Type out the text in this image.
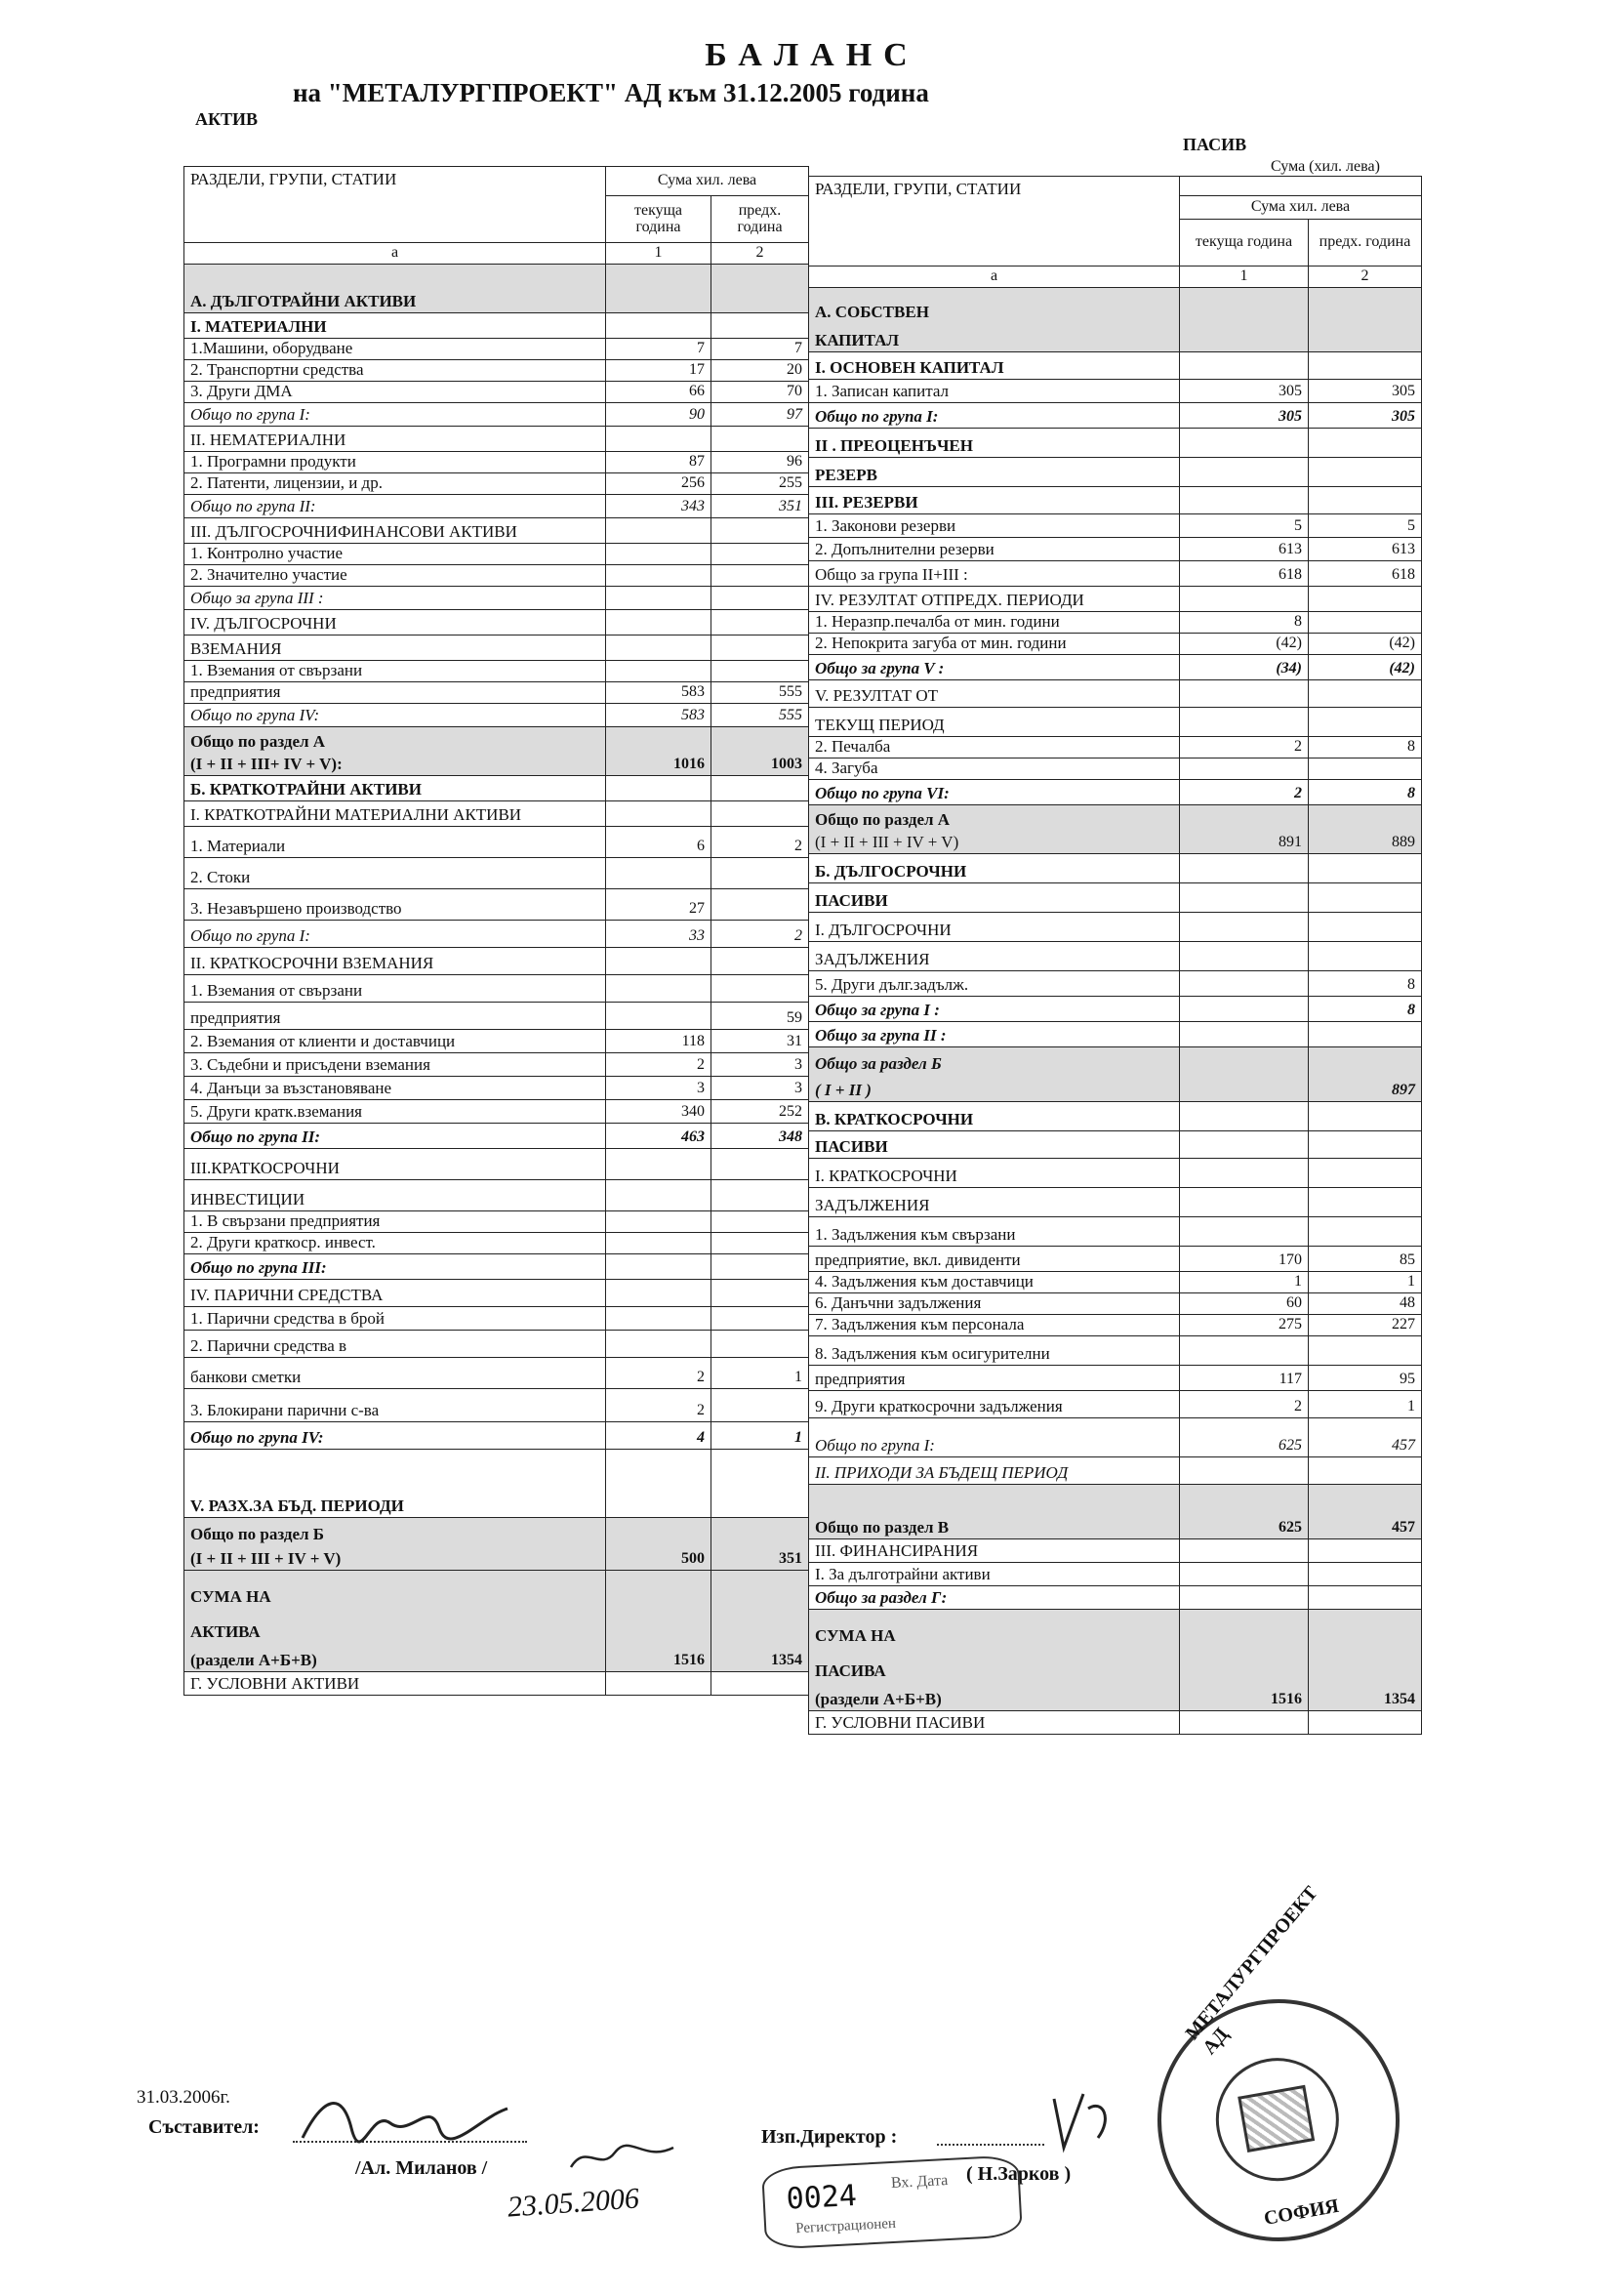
БАЛАНС
на "МЕТАЛУРГПРОЕКТ" АД към 31.12.2005 година
АКТИВ
ПАСИВ
Сума (хил. лева)
РАЗДЕЛИ, ГРУПИ, СТАТИИ	Сума хил. лева	
	текуща година	предх. година

а	1	2
А. ДЪЛГОТРАЙНИ АКТИВИ		
I. МАТЕРИАЛНИ		
1.Машини, оборудване	7	7
2. Транспортни средства	17	20
3. Други ДМА	66	70
Общо по група I:	90	97
II. НЕМАТЕРИАЛНИ		
1. Програмни продукти	87	96
2. Патенти, лицензии, и др.	256	255
Общо по група II:	343	351
III. ДЪЛГОСРОЧНИФИНАНСОВИ АКТИВИ		
1. Контролно участие		
2. Значително участие		
Общо за група III :		
IV. ДЪЛГОСРОЧНИ		
ВЗЕМАНИЯ		
1. Вземания от свързани		
предприятия	583	555
Общо по група IV:	583	555
Общо по раздел А		
(I + II + III+ IV + V):	1016	1003
Б. КРАТКОТРАЙНИ АКТИВИ		
I. КРАТКОТРАЙНИ МАТЕРИАЛНИ АКТИВИ		
1. Материали	6	2
2. Стоки		
3. Незавършено производство	27	
Общо по група I:	33	2
II. КРАТКОСРОЧНИ ВЗЕМАНИЯ		
1. Вземания от свързани		
предприятия		59
2. Вземания от клиенти и доставчици	118	31
3. Съдебни и присъдени вземания	2	3
4. Данъци за възстановяване	3	3
5. Други кратк.вземания	340	252
Общо по група II:	463	348
III.КРАТКОСРОЧНИ		
ИНВЕСТИЦИИ		
1. В свързани предприятия		
2. Други краткоср. инвест.		
Общо по група III:		
IV. ПАРИЧНИ СРЕДСТВА		
1. Парични средства в брой		
2. Парични средства в		
банкови сметки	2	1
3. Блокирани парични с-ва	2	
Общо по група IV:	4	1
V. РАЗХ.ЗА БЪД. ПЕРИОДИ		
Общо по раздел Б		
(I + II + III + IV + V)	500	351
СУМА НА		
АКТИВА		
(раздели А+Б+В)	1516	1354
Г. УСЛОВНИ АКТИВИ		
РАЗДЕЛИ, ГРУПИ, СТАТИИ		
	Сума хил. лева	
	текуща година	предх. година

а	1	2
А. СОБСТВЕН		
КАПИТАЛ		
I. ОСНОВЕН КАПИТАЛ		
1. Записан капитал	305	305
Общо по група I:	305	305
II . ПРЕОЦЕНЪЧЕН		
РЕЗЕРВ		
III. РЕЗЕРВИ		
1. Законови резерви	5	5
2. Допълнителни резерви	613	613
Общо за група II+III :	618	618
IV. РЕЗУЛТАТ ОТПРЕДХ. ПЕРИОДИ		
1. Неразпр.печалба от мин. години	8	
2. Непокрита загуба от мин. години	(42)	(42)
Общо за група V :	(34)	(42)
V. РЕЗУЛТАТ ОТ		
ТЕКУЩ ПЕРИОД		
2. Печалба	2	8
4. Загуба		
Общо по група VI:	2	8
Общо по раздел А		
(I + II + III + IV + V)	891	889
Б. ДЪЛГОСРОЧНИ		
ПАСИВИ		
I. ДЪЛГОСРОЧНИ		
ЗАДЪЛЖЕНИЯ		
5. Други дълг.задълж.		8
Общо за група I :		8
Общо за група II :		
Общо за раздел Б		
( I + II )		897
В. КРАТКОСРОЧНИ		
ПАСИВИ		
I. КРАТКОСРОЧНИ		
ЗАДЪЛЖЕНИЯ		
1. Задължения към свързани		
предприятие, вкл. дивиденти	170	85
4. Задължения към доставчици	1	1
6. Данъчни задължения	60	48
7. Задължения към персонала	275	227
8. Задължения към осигурителни		
предприятия	117	95
9. Други краткосрочни задължения	2	1
Общо по група I:	625	457
II. ПРИХОДИ ЗА БЪДЕЩ ПЕРИОД		
Общо по раздел В	625	457
III. ФИНАНСИРАНИЯ		
I. За дълготрайни активи		
Общо за раздел Г:		
СУМА НА		
ПАСИВА		
(раздели А+Б+В)	1516	1354
Г. УСЛОВНИ ПАСИВИ		
31.03.2006г.
Съставител:
/Ал. Миланов /
23.05.2006
Изп.Директор :
( Н.Зарков )
0024 Вх. Дата
Регистрационен
МЕТАЛУРГПРОЕКТ АД
СОФИЯ
